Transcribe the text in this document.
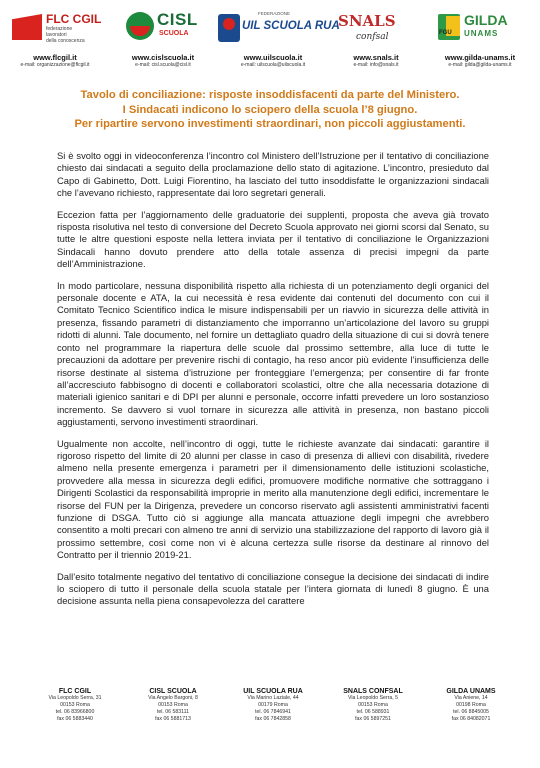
FLC CGIL
federazione
lavoratori
della conoscenza
www.flcgil.it
e-mail: organizzazione@flcgil.it
CISL
SCUOLA
www.cislscuola.it
e-mail: cisl.scuola@cisl.it
FEDERAZIONE
UIL SCUOLA RUA
www.uilscuola.it
e-mail: uilscuola@uilscuola.it
SNALS
confsal
www.snals.it
e-mail: info@snals.it
FGU
GILDA
UNAMS
www.gilda-unams.it
e-mail: gilda@gilda-unams.it
Tavolo di conciliazione: risposte insoddisfacenti da parte del Ministero.
I Sindacati indicono lo sciopero della scuola l’8 giugno.
Per ripartire servono investimenti straordinari, non piccoli aggiustamenti.

Si è svolto oggi in videoconferenza l’incontro col Ministero dell’Istruzione per il tentativo di conciliazione chiesto dai sindacati a seguito della proclamazione dello stato di agitazione. L’incontro, presieduto dal Capo di Gabinetto, Dott. Luigi Fiorentino, ha lasciato del tutto insoddisfatte le organizzazioni sindacali che l’avevano richiesto, rappresentate dai loro segretari generali.

Eccezion fatta per l’aggiornamento delle graduatorie dei supplenti, proposta che aveva già trovato risposta risolutiva nel testo di conversione del Decreto Scuola approvato nei giorni scorsi dal Senato, su tutte le altre questioni esposte nella lettera inviata per il tentativo di conciliazione le Organizzazioni Sindacali hanno dovuto prendere atto della totale assenza di precisi impegni da parte dell’Amministrazione.

In modo particolare, nessuna disponibilità rispetto alla richiesta di un potenziamento degli organici del personale docente e ATA, la cui necessità è resa evidente dai contenuti del documento con cui il Comitato Tecnico Scientifico indica le misure indispensabili per un riavvio in sicurezza delle attività in presenza, fissando parametri di distanziamento che imporranno un’articolazione del lavoro su gruppi ridotti di alunni. Tale documento, nel fornire un dettagliato quadro della situazione di cui si dovrà tenere conto nel programmare la riapertura delle scuole dal prossimo settembre, alla luce di tutte le precauzioni da adottare per prevenire rischi di contagio, ha reso ancor più evidente l’insufficienza delle risorse destinate al sistema d’istruzione per fronteggiare l’emergenza; per consentire di far fronte all’accresciuto fabbisogno di docenti e collaboratori scolastici, oltre che alla necessaria dotazione di materiali igienico sanitari e di DPI per alunni e personale, occorre infatti prevedere un loro sostanzioso incremento. Se davvero si vuol tornare in sicurezza alle attività in presenza, non bastano piccoli aggiustamenti, servono investimenti straordinari.

Ugualmente non accolte, nell’incontro di oggi, tutte le richieste avanzate dai sindacati: garantire il rigoroso rispetto del limite di 20 alunni per classe in caso di presenza di allievi con disabilità, rivedere almeno nella presente emergenza i parametri per il dimensionamento delle istituzioni scolastiche, provvedere alla messa in sicurezza degli edifici, promuovere modifiche normative che sottraggano i Dirigenti Scolastici da responsabilità improprie in merito alla manutenzione degli edifici, incrementare le risorse del FUN per la Dirigenza, prevedere un concorso riservato agli assistenti amministrativi facenti funzione di DSGA. Tutto ciò si aggiunge alla mancata attuazione degli impegni che avrebbero consentito a molti precari con almeno tre anni di servizio una stabilizzazione del rapporto di lavoro già il prossimo settembre, così come non vi è alcuna certezza sulle risorse da destinare al rinnovo del Contratto per il triennio 2019-21.

Dall’esito totalmente negativo del tentativo di conciliazione consegue la decisione dei sindacati di indire lo sciopero di tutto il personale della scuola statale per l’intera giornata di lunedì 8 giugno. È una decisione assunta nella piena consapevolezza del carattere

FLC CGIL
Via Leopoldo Serra, 31
00153 Roma
tel. 06 83966800
fax 06 5883440
CISL SCUOLA
Via Angelo Bargoni, 8
00153 Roma
tel. 06 583111
fax 06 5881713
UIL SCUOLA RUA
Via Marino Laziale, 44
00179 Roma
tel. 06 7846941
fax 06 7842858
SNALS CONFSAL
Via Leopoldo Serra, 5
00153 Roma
tel. 06 588931
fax 06 5897251
GILDA UNAMS
Via Aniene, 14
00198 Roma
tel. 06 8845005
fax 06 84082071
